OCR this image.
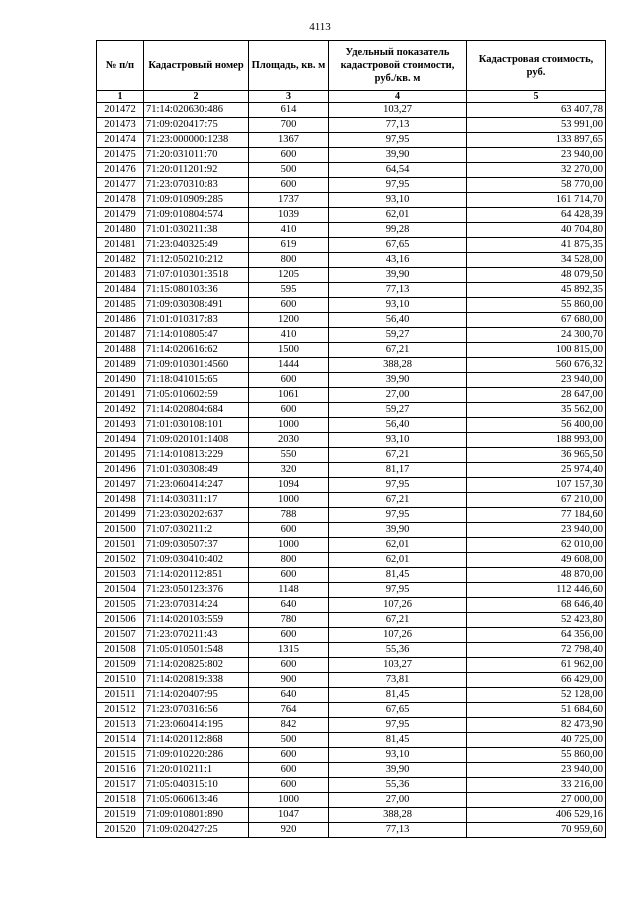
4113
№ п/п	Кадастровый номер	Площадь, кв. м	Удельный показатель кадастровой стоимости, руб./кв. м	Кадастровая стоимость, руб.
1	2	3	4	5
201472	71:14:020630:486	614	103,27	63 407,78
201473	71:09:020417:75	700	77,13	53 991,00
201474	71:23:000000:1238	1367	97,95	133 897,65
201475	71:20:031011:70	600	39,90	23 940,00
201476	71:20:011201:92	500	64,54	32 270,00
201477	71:23:070310:83	600	97,95	58 770,00
201478	71:09:010909:285	1737	93,10	161 714,70
201479	71:09:010804:574	1039	62,01	64 428,39
201480	71:01:030211:38	410	99,28	40 704,80
201481	71:23:040325:49	619	67,65	41 875,35
201482	71:12:050210:212	800	43,16	34 528,00
201483	71:07:010301:3518	1205	39,90	48 079,50
201484	71:15:080103:36	595	77,13	45 892,35
201485	71:09:030308:491	600	93,10	55 860,00
201486	71:01:010317:83	1200	56,40	67 680,00
201487	71:14:010805:47	410	59,27	24 300,70
201488	71:14:020616:62	1500	67,21	100 815,00
201489	71:09:010301:4560	1444	388,28	560 676,32
201490	71:18:041015:65	600	39,90	23 940,00
201491	71:05:010602:59	1061	27,00	28 647,00
201492	71:14:020804:684	600	59,27	35 562,00
201493	71:01:030108:101	1000	56,40	56 400,00
201494	71:09:020101:1408	2030	93,10	188 993,00
201495	71:14:010813:229	550	67,21	36 965,50
201496	71:01:030308:49	320	81,17	25 974,40
201497	71:23:060414:247	1094	97,95	107 157,30
201498	71:14:030311:17	1000	67,21	67 210,00
201499	71:23:030202:637	788	97,95	77 184,60
201500	71:07:030211:2	600	39,90	23 940,00
201501	71:09:030507:37	1000	62,01	62 010,00
201502	71:09:030410:402	800	62,01	49 608,00
201503	71:14:020112:851	600	81,45	48 870,00
201504	71:23:050123:376	1148	97,95	112 446,60
201505	71:23:070314:24	640	107,26	68 646,40
201506	71:14:020103:559	780	67,21	52 423,80
201507	71:23:070211:43	600	107,26	64 356,00
201508	71:05:010501:548	1315	55,36	72 798,40
201509	71:14:020825:802	600	103,27	61 962,00
201510	71:14:020819:338	900	73,81	66 429,00
201511	71:14:020407:95	640	81,45	52 128,00
201512	71:23:070316:56	764	67,65	51 684,60
201513	71:23:060414:195	842	97,95	82 473,90
201514	71:14:020112:868	500	81,45	40 725,00
201515	71:09:010220:286	600	93,10	55 860,00
201516	71:20:010211:1	600	39,90	23 940,00
201517	71:05:040315:10	600	55,36	33 216,00
201518	71:05:060613:46	1000	27,00	27 000,00
201519	71:09:010801:890	1047	388,28	406 529,16
201520	71:09:020427:25	920	77,13	70 959,60
